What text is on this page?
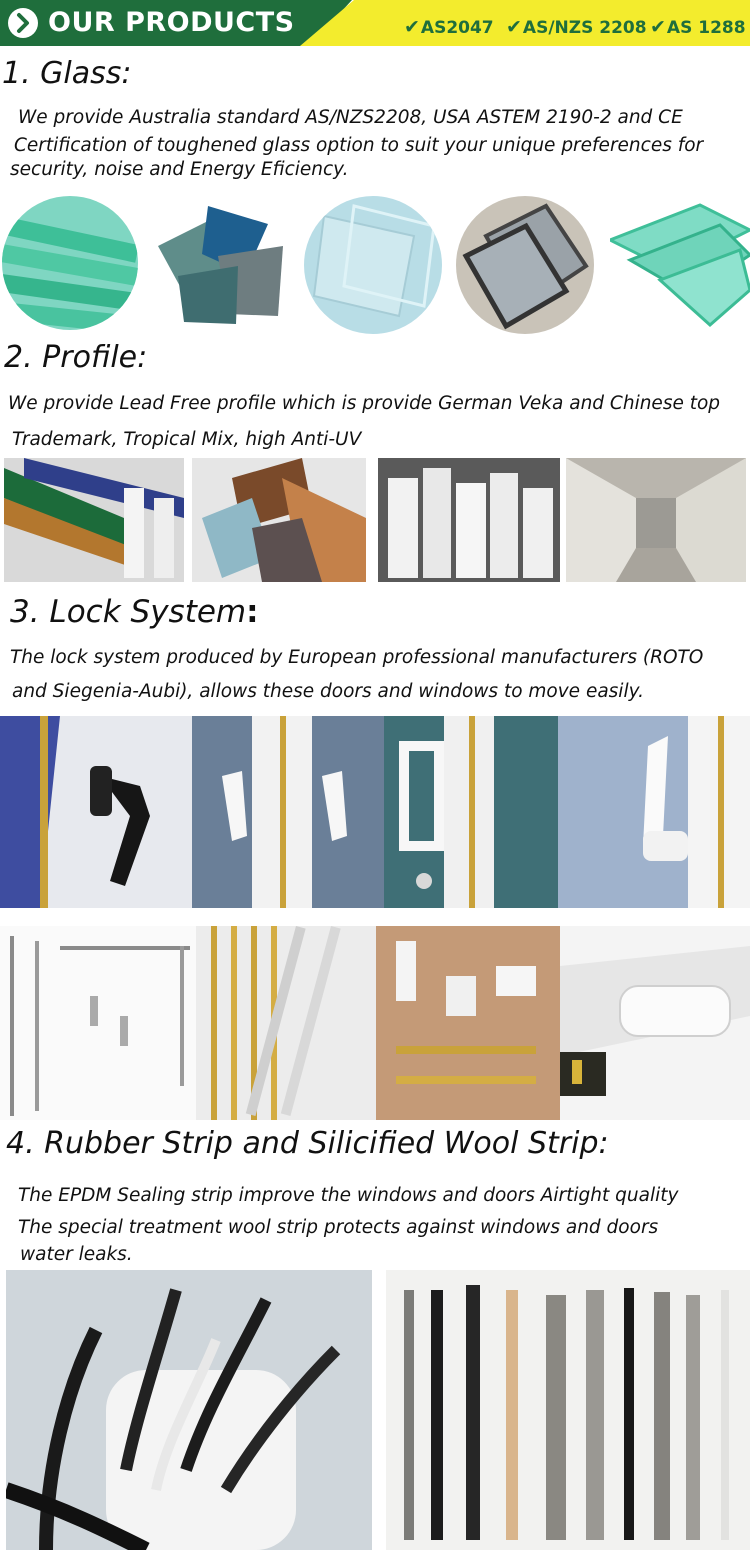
OUR PRODUCTS	✔AS2047 ✔AS/NZS 2208 ✔AS 1288
1. Glass:
We provide Australia standard AS/NZS2208, USA ASTEM 2190-2 and CE
Certification of toughened glass option to suit your unique preferences for
security, noise and Energy Eficiency.
2. Profile:
We provide Lead Free profile which is provide German Veka and Chinese top
Trademark, Tropical Mix, high Anti-UV
3. Lock System:
The lock system produced by European professional manufacturers (ROTO
and Siegenia-Aubi), allows these doors and windows to move easily.
4. Rubber Strip and Silicified Wool Strip:
The EPDM Sealing strip improve the windows and doors Airtight quality
The special treatment wool strip protects against windows and doors
water leaks.
